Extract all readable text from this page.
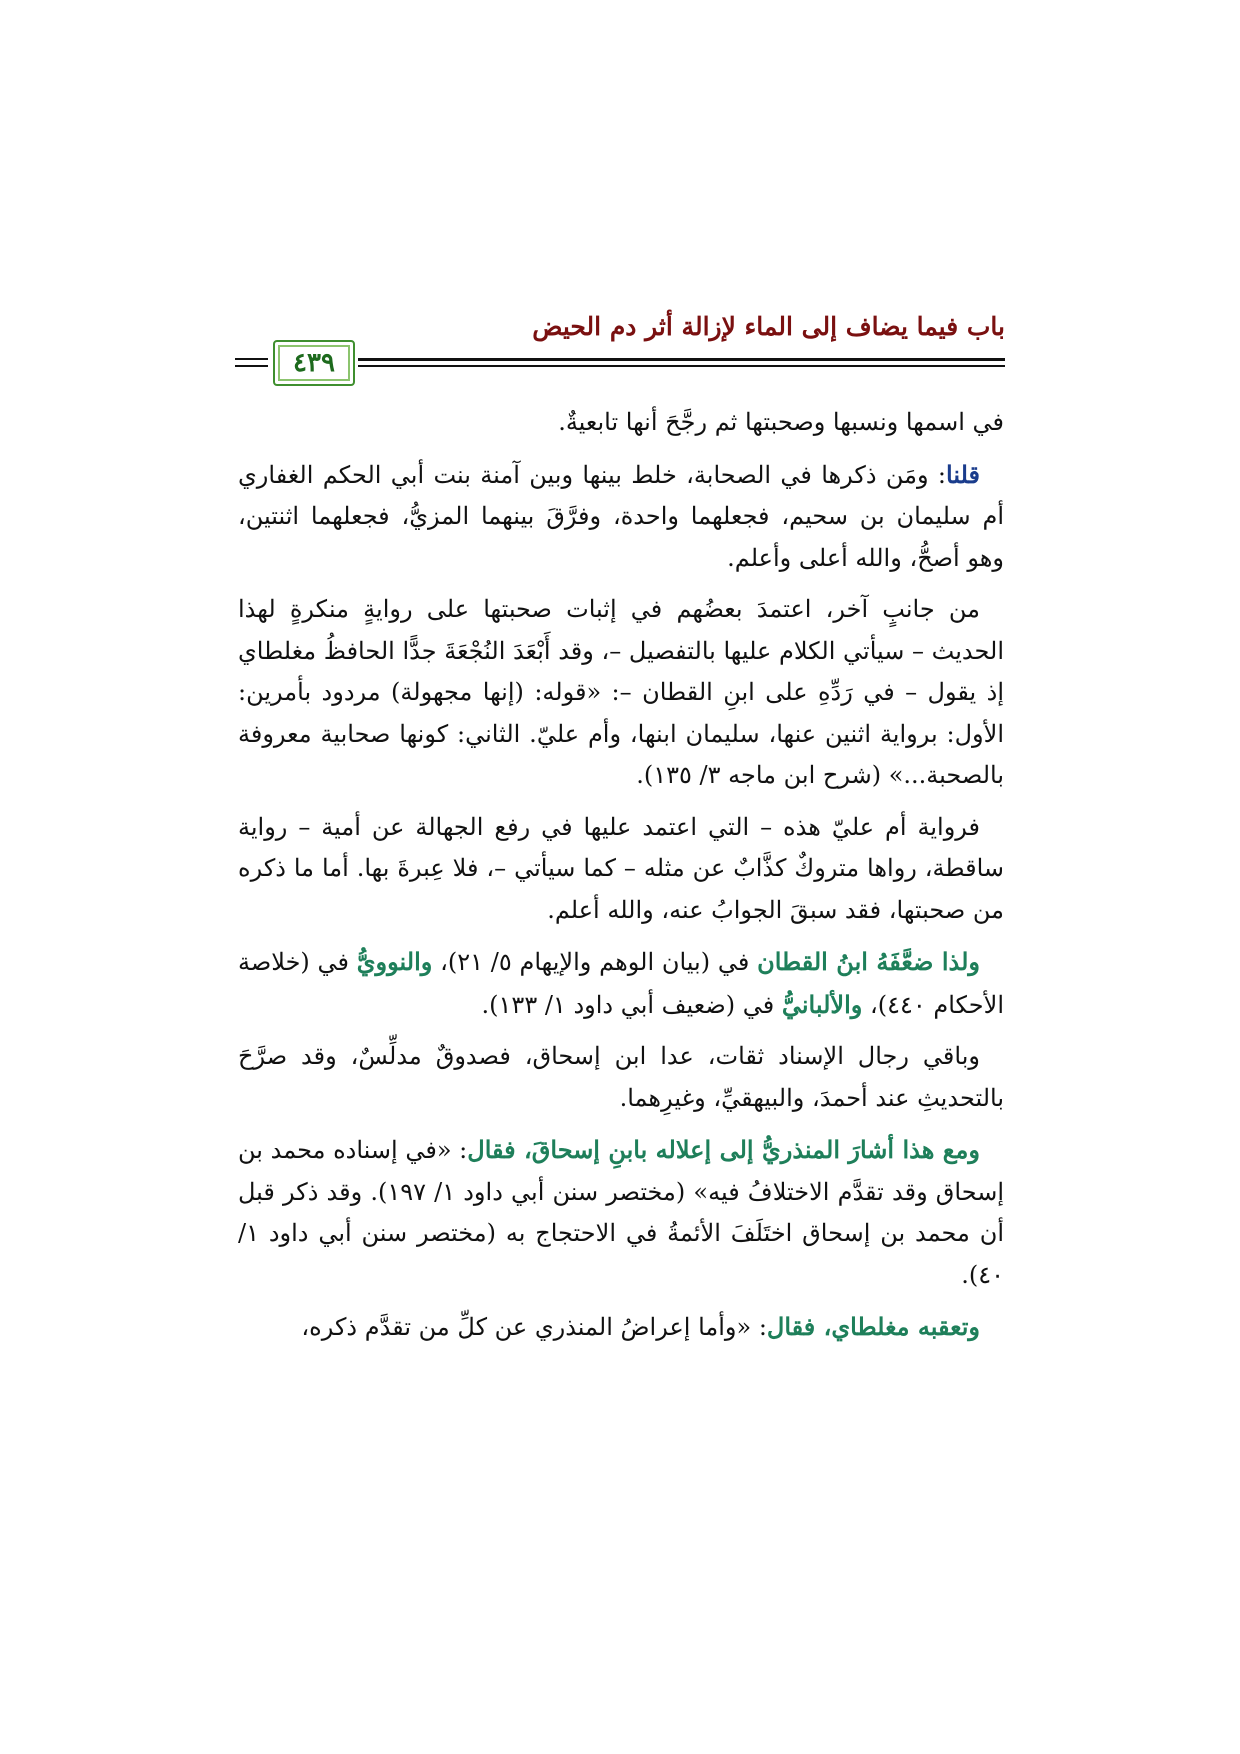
باب فيما يضاف إلى الماء لإزالة أثر دم الحيض
٤٣٩

في اسمها ونسبها وصحبتها ثم رجَّحَ أنها تابعيةٌ.

قلنا: ومَن ذكرها في الصحابة، خلط بينها وبين آمنة بنت أبي الحكم الغفاري أم سليمان بن سحيم، فجعلهما واحدة، وفرَّقَ بينهما المزيُّ، فجعلهما اثنتين، وهو أصحُّ، والله أعلى وأعلم.

من جانبٍ آخر، اعتمدَ بعضُهم في إثبات صحبتها على روايةٍ منكرةٍ لهذا الحديث – سيأتي الكلام عليها بالتفصيل –، وقد أَبْعَدَ النُجْعَةَ جدًّا الحافظُ مغلطاي إذ يقول – في رَدِّهِ على ابنِ القطان –: «قوله: (إنها مجهولة) مردود بأمرين: الأول: برواية اثنين عنها، سليمان ابنها، وأم عليّ. الثاني: كونها صحابية معروفة بالصحبة...» (شرح ابن ماجه ٣/ ١٣٥).

فرواية أم عليّ هذه – التي اعتمد عليها في رفع الجهالة عن أمية – رواية ساقطة، رواها متروكٌ كذَّابٌ عن مثله – كما سيأتي –، فلا عِبرةَ بها. أما ما ذكره من صحبتها، فقد سبقَ الجوابُ عنه، والله أعلم.

ولذا ضعَّفَهُ ابنُ القطان في (بيان الوهم والإيهام ٥/ ٢١)، والنوويُّ في (خلاصة الأحكام ٤٤٠)، والألبانيُّ في (ضعيف أبي داود ١/ ١٣٣).

وباقي رجال الإسناد ثقات، عدا ابن إسحاق، فصدوقٌ مدلِّسٌ، وقد صرَّحَ بالتحديثِ عند أحمدَ، والبيهقيِّ، وغيرِهما.

ومع هذا أشارَ المنذريُّ إلى إعلاله بابنِ إسحاقَ، فقال: «في إسناده محمد بن إسحاق وقد تقدَّم الاختلافُ فيه» (مختصر سنن أبي داود ١/ ١٩٧). وقد ذكر قبل أن محمد بن إسحاق اختَلَفَ الأئمةُ في الاحتجاج به (مختصر سنن أبي داود ١/ ٤٠).

وتعقبه مغلطاي، فقال: «وأما إعراضُ المنذري عن كلِّ من تقدَّم ذكره،
